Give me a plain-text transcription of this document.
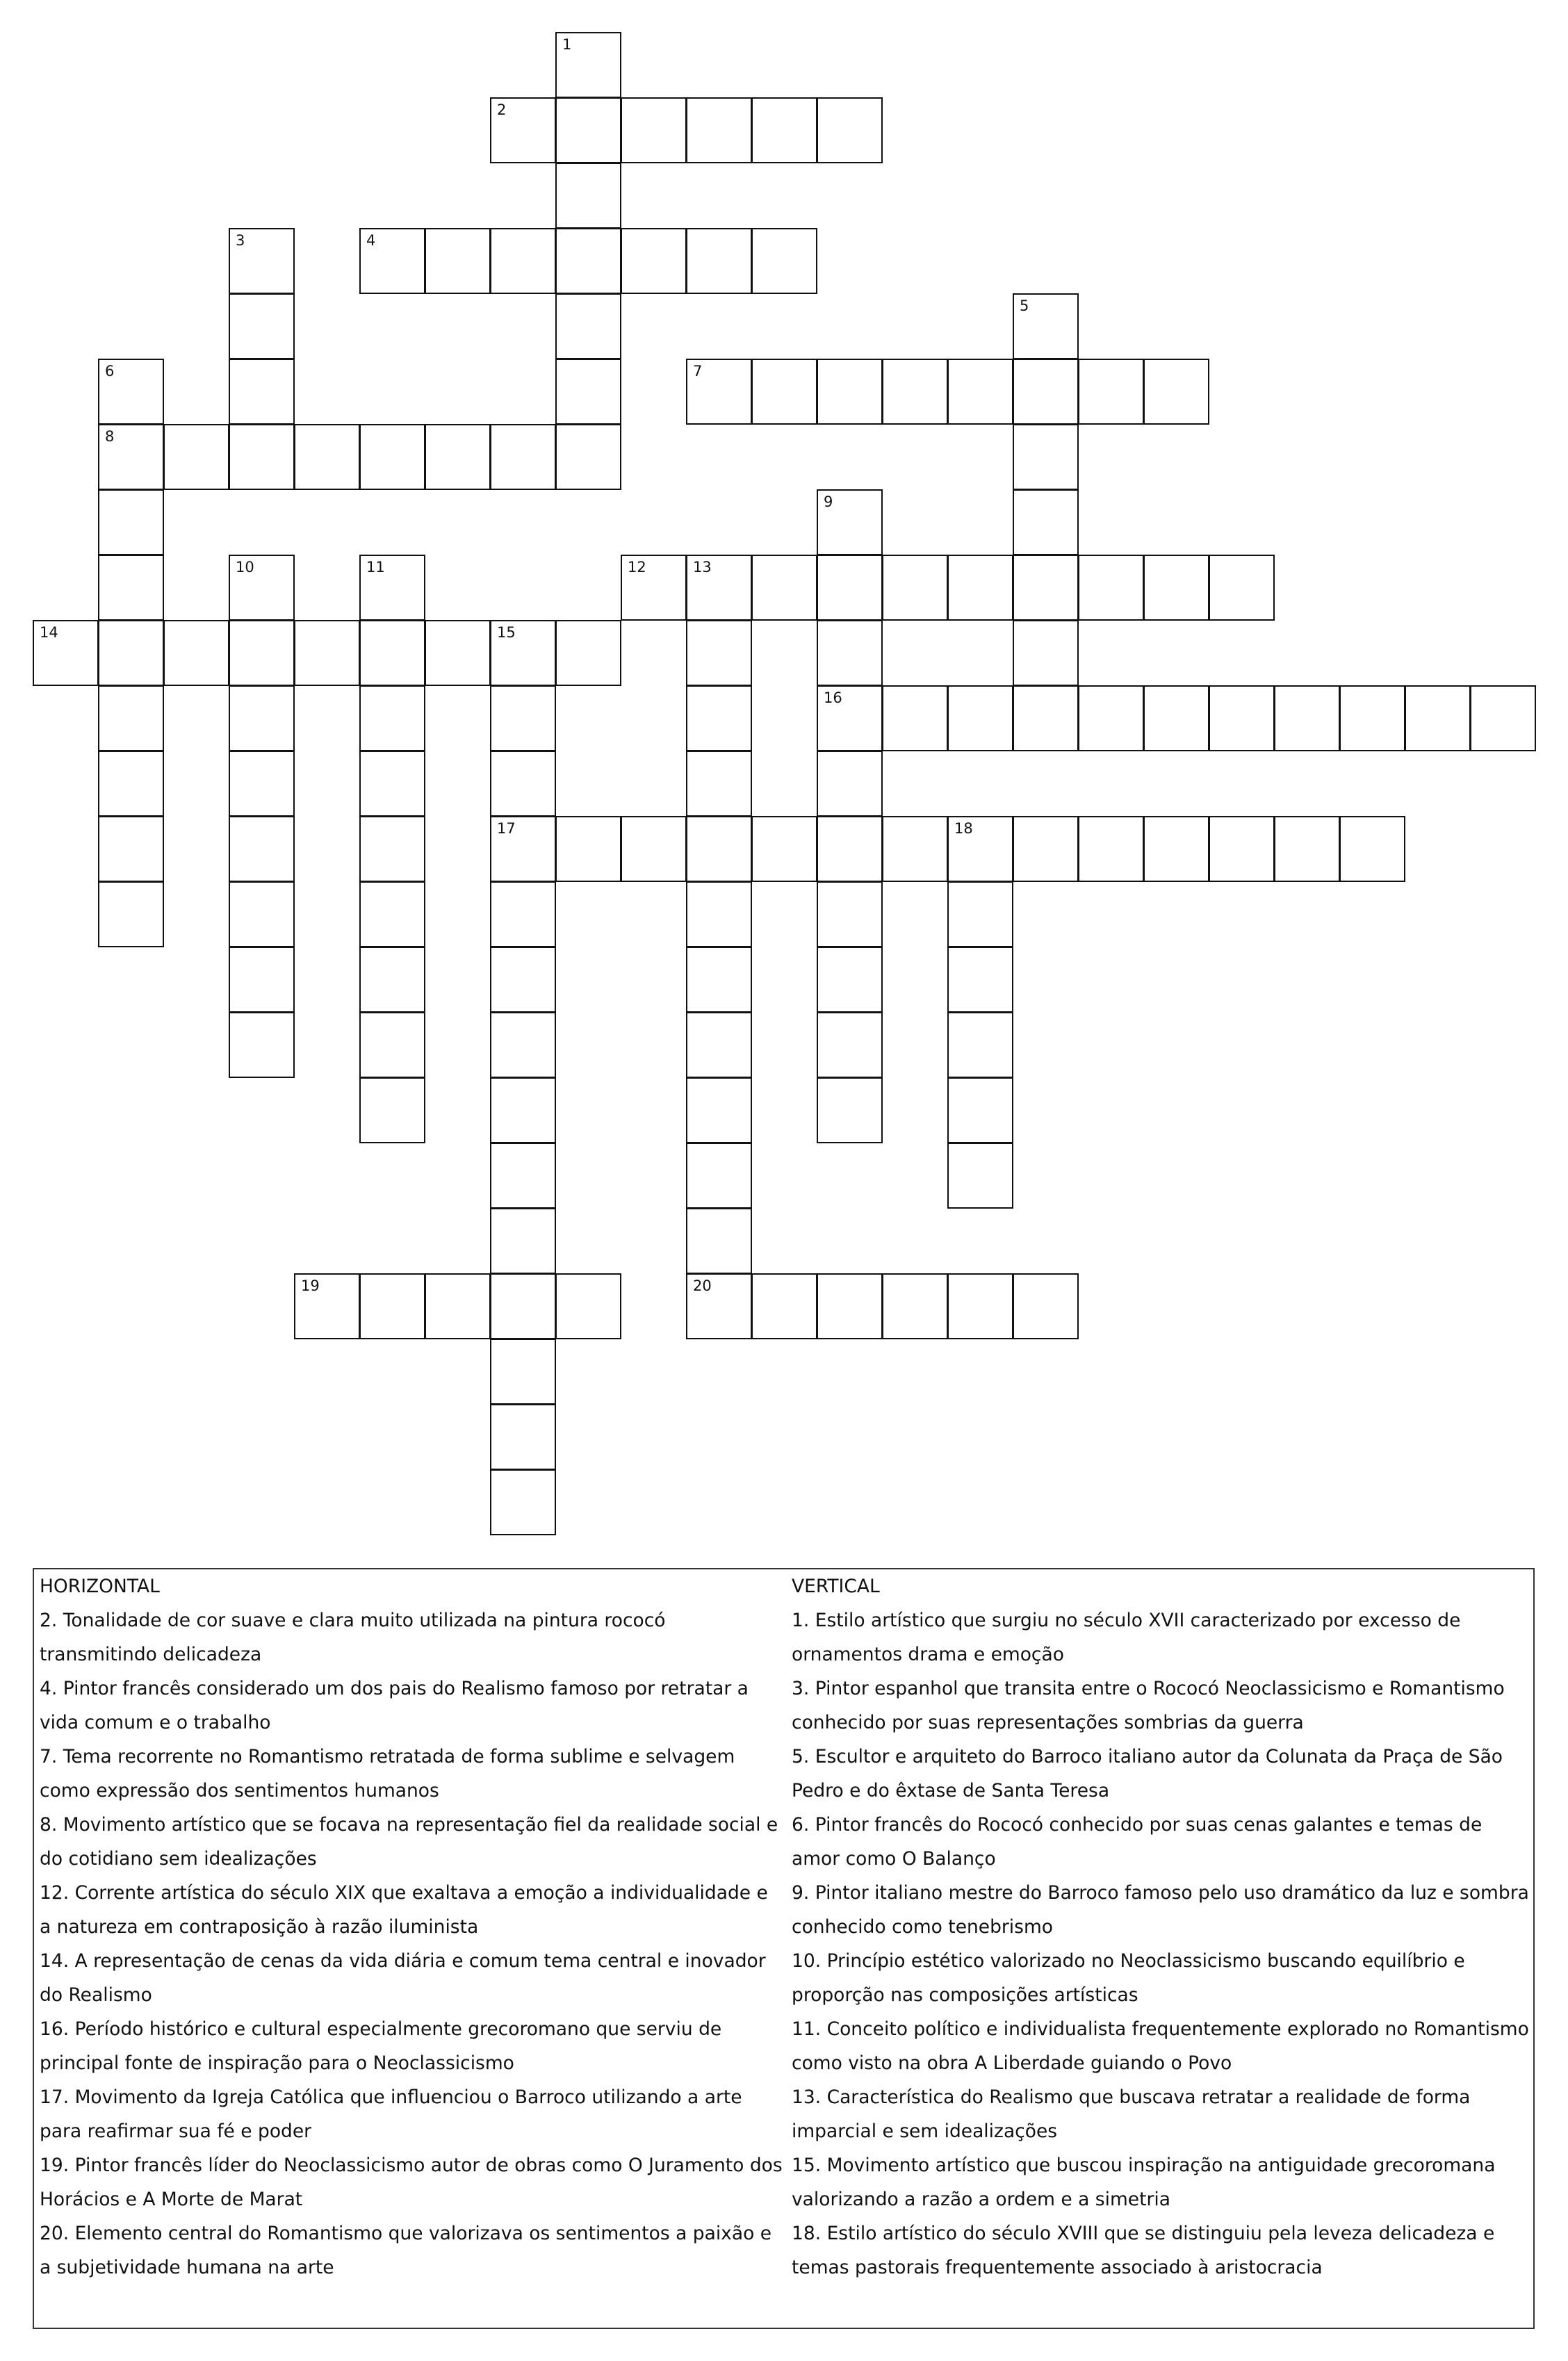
1
2
3	4
5
6	7
8
9
10	11	12	13
14	15
16
17	18
19	20
HORIZONTAL
2. Tonalidade de cor suave e clara muito utilizada na pintura rococó transmitindo delicadeza
4. Pintor francês considerado um dos pais do Realismo famoso por retratar a vida comum e o trabalho
7. Tema recorrente no Romantismo retratada de forma sublime e selvagem como expressão dos sentimentos humanos
8. Movimento artístico que se focava na representação fiel da realidade social e do cotidiano sem idealizações
12. Corrente artística do século XIX que exaltava a emoção a individualidade e a natureza em contraposição à razão iluminista
14. A representação de cenas da vida diária e comum tema central e inovador do Realismo
16. Período histórico e cultural especialmente grecoromano que serviu de principal fonte de inspiração para o Neoclassicismo
17. Movimento da Igreja Católica que influenciou o Barroco utilizando a arte para reafirmar sua fé e poder
19. Pintor francês líder do Neoclassicismo autor de obras como O Juramento dos Horácios e A Morte de Marat
20. Elemento central do Romantismo que valorizava os sentimentos a paixão e a subjetividade humana na arte
VERTICAL
1. Estilo artístico que surgiu no século XVII caracterizado por excesso de ornamentos drama e emoção
3. Pintor espanhol que transita entre o Rococó Neoclassicismo e Romantismo conhecido por suas representações sombrias da guerra
5. Escultor e arquiteto do Barroco italiano autor da Colunata da Praça de São Pedro e do êxtase de Santa Teresa
6. Pintor francês do Rococó conhecido por suas cenas galantes e temas de amor como O Balanço
9. Pintor italiano mestre do Barroco famoso pelo uso dramático da luz e sombra conhecido como tenebrismo
10. Princípio estético valorizado no Neoclassicismo buscando equilíbrio e proporção nas composições artísticas
11. Conceito político e individualista frequentemente explorado no Romantismo como visto na obra A Liberdade guiando o Povo
13. Característica do Realismo que buscava retratar a realidade de forma imparcial e sem idealizações
15. Movimento artístico que buscou inspiração na antiguidade grecoromana valorizando a razão a ordem e a simetria
18. Estilo artístico do século XVIII que se distinguiu pela leveza delicadeza e temas pastorais frequentemente associado à aristocracia
